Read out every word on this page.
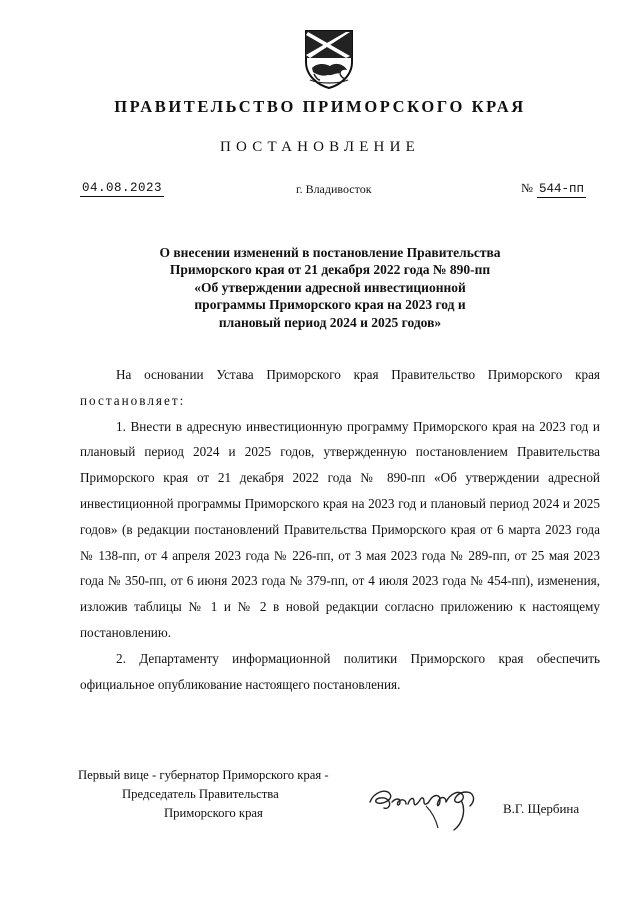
ПРАВИТЕЛЬСТВО ПРИМОРСКОГО КРАЯ
ПОСТАНОВЛЕНИЕ
04.08.2023	г. Владивосток	№ 544-пп
О внесении изменений в постановление Правительства
Приморского края от 21 декабря 2022 года № 890-пп
«Об утверждении адресной инвестиционной
программы Приморского края на 2023 год и
плановый период 2024 и 2025 годов»

На основании Устава Приморского края Правительство Приморского края постановляет:

1. Внести в адресную инвестиционную программу Приморского края на 2023 год и плановый период 2024 и 2025 годов, утвержденную постановлением Правительства Приморского края от 21 декабря 2022 года № 890-пп «Об утверждении адресной инвестиционной программы Приморского края на 2023 год и плановый период 2024 и 2025 годов» (в редакции постановлений Правительства Приморского края от 6 марта 2023 года № 138-пп, от 4 апреля 2023 года № 226-пп, от 3 мая 2023 года № 289-пп, от 25 мая 2023 года № 350-пп, от 6 июня 2023 года № 379-пп, от 4 июля 2023 года № 454-пп), изменения, изложив таблицы № 1 и № 2 в новой редакции согласно приложению к настоящему постановлению.

2. Департаменту информационной политики Приморского края обеспечить официальное опубликование настоящего постановления.

Первый вице - губернатор Приморского края -
Председатель Правительства
Приморского края	В.Г. Щербина
